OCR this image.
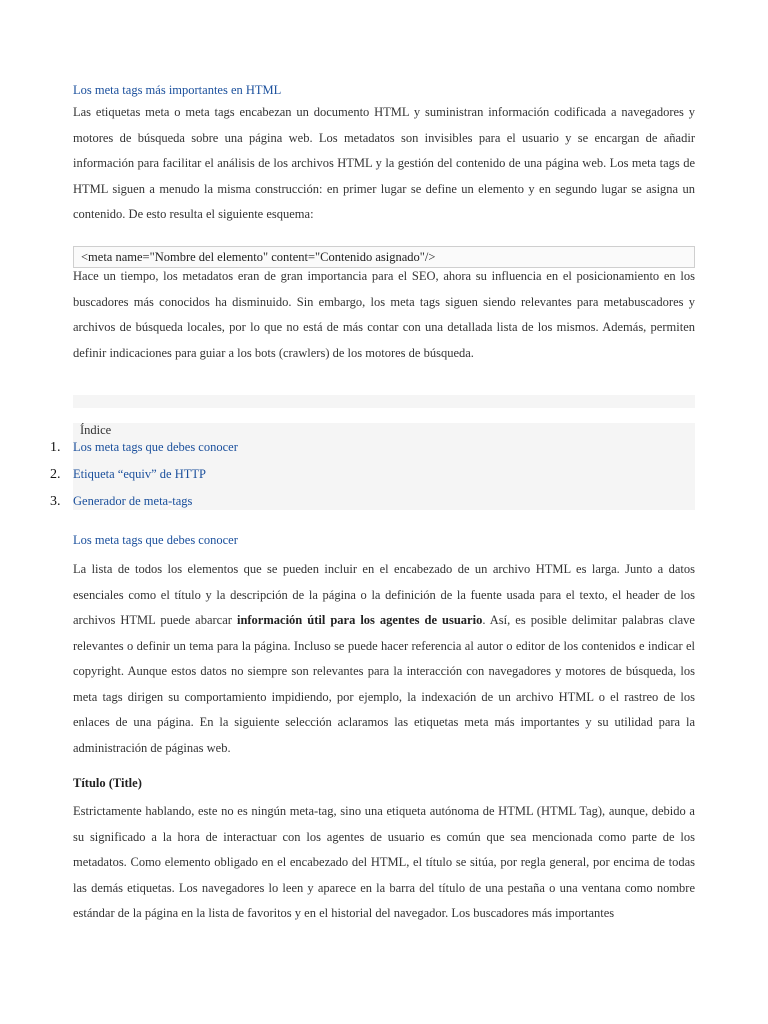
Los meta tags más importantes en HTML

Las etiquetas meta o meta tags encabezan un documento HTML y suministran información codificada a navegadores y motores de búsqueda sobre una página web. Los metadatos son invisibles para el usuario y se encargan de añadir información para facilitar el análisis de los archivos HTML y la gestión del contenido de una página web. Los meta tags de HTML siguen a menudo la misma construcción: en primer lugar se define un elemento y en segundo lugar se asigna un contenido. De esto resulta el siguiente esquema:

<meta name="Nombre del elemento" content="Contenido asignado"/>

Hace un tiempo, los metadatos eran de gran importancia para el SEO, ahora su influencia en el posicionamiento en los buscadores más conocidos ha disminuido. Sin embargo, los meta tags siguen siendo relevantes para metabuscadores y archivos de búsqueda locales, por lo que no está de más contar con una detallada lista de los mismos. Además, permiten definir indicaciones para guiar a los bots (crawlers) de los motores de búsqueda.

Índice
1.	Los meta tags que debes conocer
2.	Etiqueta “equiv” de HTTP
3.	Generador de meta-tags

Los meta tags que debes conocer

La lista de todos los elementos que se pueden incluir en el encabezado de un archivo HTML es larga. Junto a datos esenciales como el título y la descripción de la página o la definición de la fuente usada para el texto, el header de los archivos HTML puede abarcar información útil para los agentes de usuario. Así, es posible delimitar palabras clave relevantes o definir un tema para la página. Incluso se puede hacer referencia al autor o editor de los contenidos e indicar el copyright. Aunque estos datos no siempre son relevantes para la interacción con navegadores y motores de búsqueda, los meta tags dirigen su comportamiento impidiendo, por ejemplo, la indexación de un archivo HTML o el rastreo de los enlaces de una página. En la siguiente selección aclaramos las etiquetas meta más importantes y su utilidad para la administración de páginas web.

Título (Title)

Estrictamente hablando, este no es ningún meta-tag, sino una etiqueta autónoma de HTML (HTML Tag), aunque, debido a su significado a la hora de interactuar con los agentes de usuario es común que sea mencionada como parte de los metadatos. Como elemento obligado en el encabezado del HTML, el título se sitúa, por regla general, por encima de todas las demás etiquetas. Los navegadores lo leen y aparece en la barra del título de una pestaña o una ventana como nombre estándar de la página en la lista de favoritos y en el historial del navegador. Los buscadores más importantes
